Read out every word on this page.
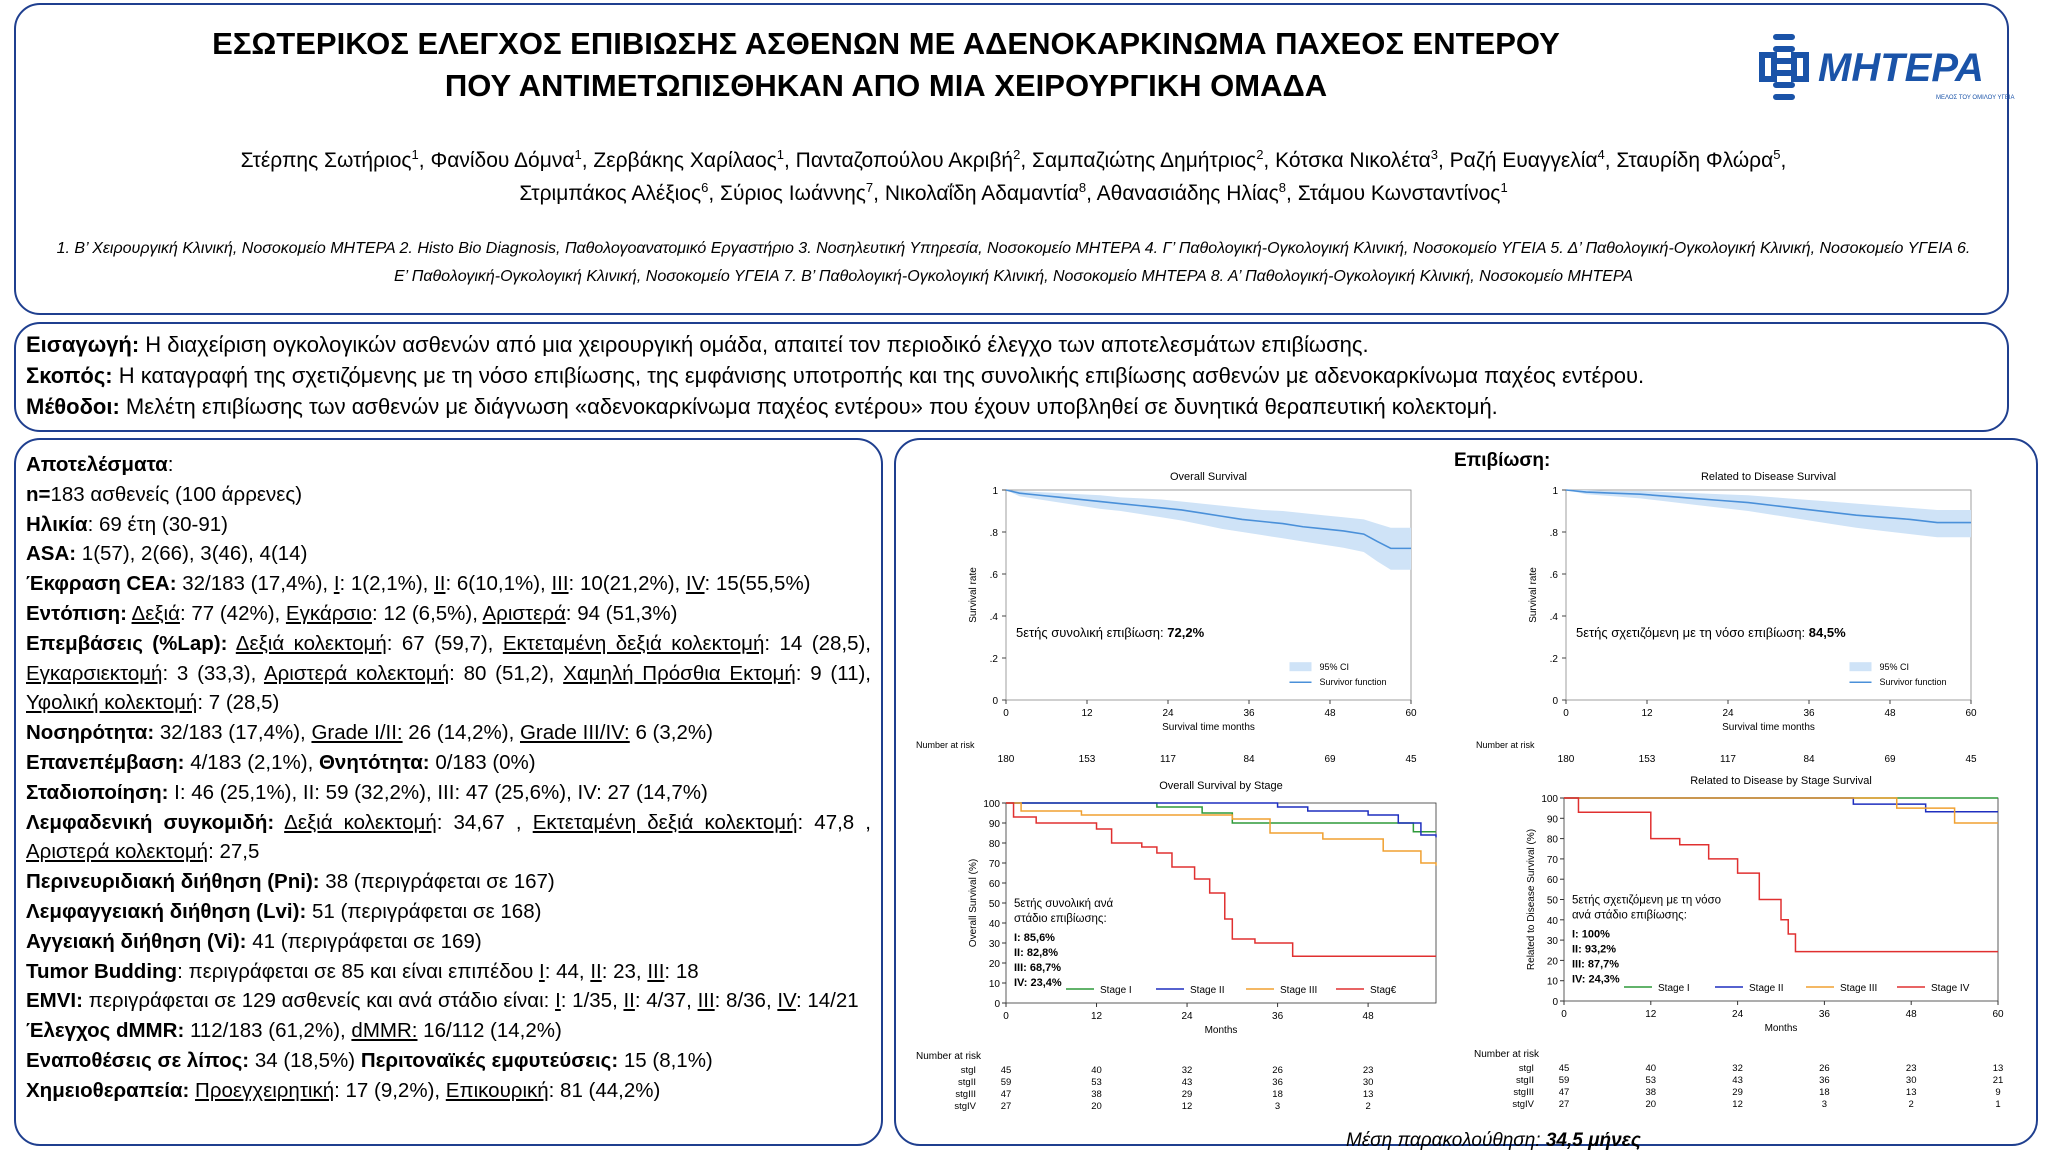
ΕΣΩΤΕΡΙΚΟΣ ΕΛΕΓΧΟΣ ΕΠΙΒΙΩΣΗΣ ΑΣΘΕΝΩΝ ΜΕ ΑΔΕΝΟΚΑΡΚΙΝΩΜΑ ΠΑΧΕΟΣ ΕΝΤΕΡΟΥ
ΠΟΥ ΑΝΤΙΜΕΤΩΠΙΣΘΗΚΑΝ ΑΠΟ ΜΙΑ ΧΕΙΡΟΥΡΓΙΚΗ ΟΜΑΔΑ	ΜΗΤΕΡΑ
ΜΕΛΟΣ ΤΟΥ ΟΜΙΛΟΥ ΥΓΕΙΑ
Στέρπης Σωτήριος$^1$, Φανίδου Δόμνα$^1$, Ζερβάκης Χαρίλαος$^1$, Πανταζοπούλου Ακριβή$^2$, Σαμπαζιώτης Δημήτριος$^2$, Κότσκα Νικολέτα$^3$, Ραζή Ευαγγελία$^4$, Σταυρίδη Φλώρα$^5$,
Στριμπάκος Αλέξιος$^6$, Σύριος Ιωάννης$^7$, Νικολαΐδη Αδαμαντία$^8$, Αθανασιάδης Ηλίας$^8$, Στάμου Κωνσταντίνος$^1$
1. Β’ Χειρουργική Κλινική, Νοσοκομείο ΜΗΤΕΡΑ 2. Histo Bio Diagnosis, Παθολογοανατομικό Εργαστήριο 3. Νοσηλευτική Υπηρεσία, Νοσοκομείο ΜΗΤΕΡΑ 4. Γ’ Παθολογική-Ογκολογική Κλινική, Νοσοκομείο ΥΓΕΙΑ 5. Δ’ Παθολογική-Ογκολογική Κλινική, Νοσοκομείο ΥΓΕΙΑ 6. Ε’ Παθολογική-Ογκολογική Κλινική, Νοσοκομείο ΥΓΕΙΑ 7. Β’ Παθολογική-Ογκολογική Κλινική, Νοσοκομείο ΜΗΤΕΡΑ 8. Α’ Παθολογική-Ογκολογική Κλινική, Νοσοκομείο ΜΗΤΕΡΑ
Εισαγωγή: Η διαχείριση ογκολογικών ασθενών από μια χειρουργική ομάδα, απαιτεί τον περιοδικό έλεγχο των αποτελεσμάτων επιβίωσης.
Σκοπός: Η καταγραφή της σχετιζόμενης με τη νόσο επιβίωσης, της εμφάνισης υποτροπής και της συνολικής επιβίωσης ασθενών με αδενοκαρκίνωμα παχέος εντέρου.
Μέθοδοι: Μελέτη επιβίωσης των ασθενών με διάγνωση «αδενοκαρκίνωμα παχέος εντέρου» που έχουν υποβληθεί σε δυνητικά θεραπευτική κολεκτομή.
Αποτελέσματα:
n=183 ασθενείς (100 άρρενες)
Ηλικία: 69 έτη (30-91)
ASA: 1(57), 2(66), 3(46), 4(14)
Έκφραση CEA: 32/183 (17,4%), I: 1(2,1%), II: 6(10,1%), III: 10(21,2%), IV: 15(55,5%)
Εντόπιση: Δεξιά: 77 (42%), Εγκάρσιο: 12 (6,5%), Αριστερά: 94 (51,3%)
Επεμβάσεις (%Lap): Δεξιά κολεκτομή: 67 (59,7), Εκτεταμένη δεξιά κολεκτομή: 14 (28,5), Εγκαρσιεκτομή: 3 (33,3), Αριστερά κολεκτομή: 80 (51,2), Χαμηλή Πρόσθια Εκτομή: 9 (11), Υφολική κολεκτομή: 7 (28,5)
Νοσηρότητα: 32/183 (17,4%), Grade I/II: 26 (14,2%), Grade III/IV: 6 (3,2%)
Επανεπέμβαση: 4/183 (2,1%), Θνητότητα: 0/183 (0%)
Σταδιοποίηση: I: 46 (25,1%), II: 59 (32,2%), III: 47 (25,6%), IV: 27 (14,7%)
Λεμφαδενική συγκομιδή: Δεξιά κολεκτομή: 34,67 , Εκτεταμένη δεξιά κολεκτομή: 47,8 , Αριστερά κολεκτομή: 27,5
Περινευριδιακή διήθηση (Pni): 38 (περιγράφεται σε 167)
Λεμφαγγειακή διήθηση (Lvi): 51 (περιγράφεται σε 168)
Αγγειακή διήθηση (Vi): 41 (περιγράφεται σε 169)
Tumor Budding: περιγράφεται σε 85 και είναι επιπέδου I: 44, II: 23, III: 18
EMVI: περιγράφεται σε 129 ασθενείς και ανά στάδιο είναι: I: 1/35, II: 4/37, III: 8/36, IV: 14/21
Έλεγχος dMMR: 112/183 (61,2%), dMMR: 16/112 (14,2%)
Εναποθέσεις σε λίπος: 34 (18,5%) Περιτοναϊκές εμφυτεύσεις: 15 (8,1%)
Χημειοθεραπεία: Προεγχειρητική: 17 (9,2%), Επικουρική: 81 (44,2%)
Επιβίωση:
Overall Survival
0
.2
.4
.6
.8
1
0	12	24	36	48	60
Survival time months
Survival rate
5ετής συνολική επιβίωση: 72,2%
95% CI
Survivor function
Number at risk
180	153	117	84	69	45
Related to Disease Survival
0
.2
.4
.6
.8
1
0	12	24	36	48	60
Survival time months
Survival rate
5ετής σχετιζόμενη με τη νόσο επιβίωση: 84,5%
95% CI
Survivor function
Number at risk
180	153	117	84	69	45
Overall Survival by Stage
0
10
20
30
40
50
60
70
80
90
100
0	12	24	36	48
Months
Overall Survival (%)	5ετής συνολική ανά
στάδιο επιβίωσης:
I: 85,6%
II: 82,8%
III: 68,7%
IV: 23,4%
Stage I	Stage II	Stage III	Stag€
Number at risk
stgI	45	40	32	26	23
stgII	59	53	43	36	30
stgIII	47	38	29	18	13
stgIV	27	20	12	3	2
Related to Disease by Stage Survival
0
10
20
30
40
50
60
70
80
90
100
0	12	24	36	48	60
Months
Related to Disease Survival (%)	5ετής σχετιζόμενη με τη νόσο
ανά στάδιο επιβίωσης:
I: 100%
II: 93,2%
III: 87,7%
IV: 24,3%
Stage I	Stage II	Stage III	Stage IV
Number at risk
stgI	45	40	32	26	23	13
stgII	59	53	43	36	30	21
stgIII	47	38	29	18	13	9
stgIV	27	20	12	3	2	1
Μέση παρακολούθηση: 34,5 μήνες
